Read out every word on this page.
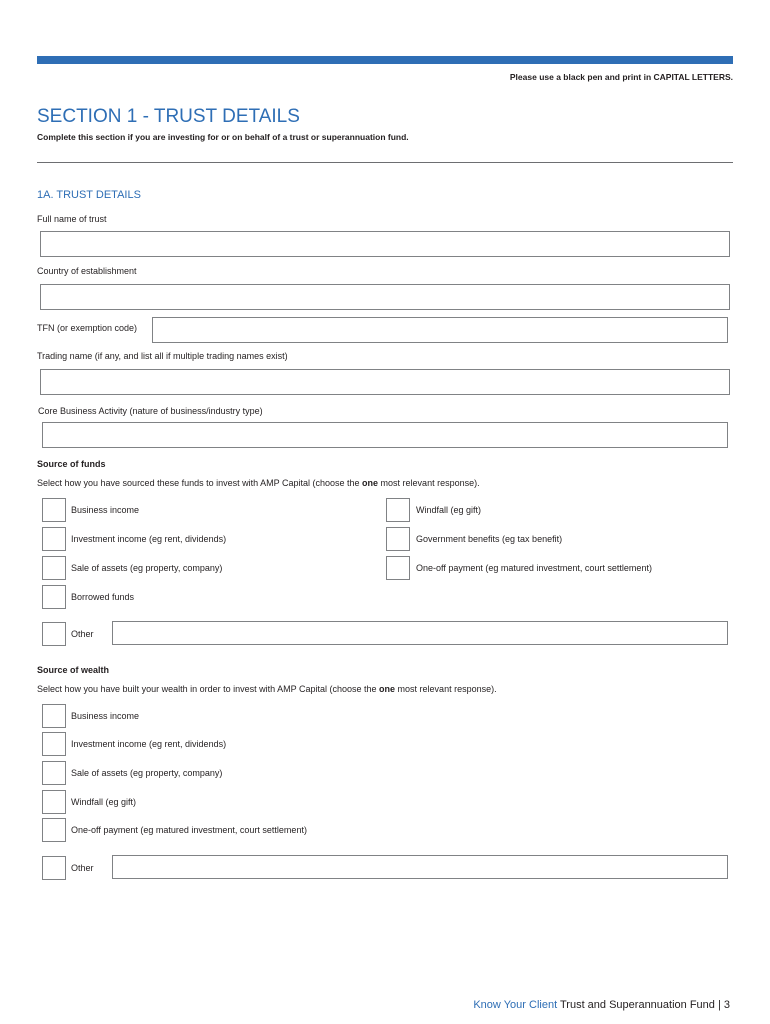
Please use a black pen and print in CAPITAL LETTERS.
SECTION 1 - TRUST DETAILS
Complete this section if you are investing for or on behalf of a trust or superannuation fund.
1A. TRUST DETAILS
Full name of trust
Country of establishment
TFN (or exemption code)
Trading name (if any, and list all if multiple trading names exist)
Core Business Activity (nature of business/industry type)
Source of funds
Select how you have sourced these funds to invest with AMP Capital (choose the one most relevant response).
Business income
Investment income (eg rent, dividends)
Sale of assets (eg property, company)
Borrowed funds
Windfall (eg gift)
Government benefits (eg tax benefit)
One-off payment (eg matured investment, court settlement)
Other
Source of wealth
Select how you have built your wealth in order to invest with AMP Capital (choose the one most relevant response).
Business income
Investment income (eg rent, dividends)
Sale of assets (eg property, company)
Windfall (eg gift)
One-off payment (eg matured investment, court settlement)
Other
Know Your Client Trust and Superannuation Fund | 3
